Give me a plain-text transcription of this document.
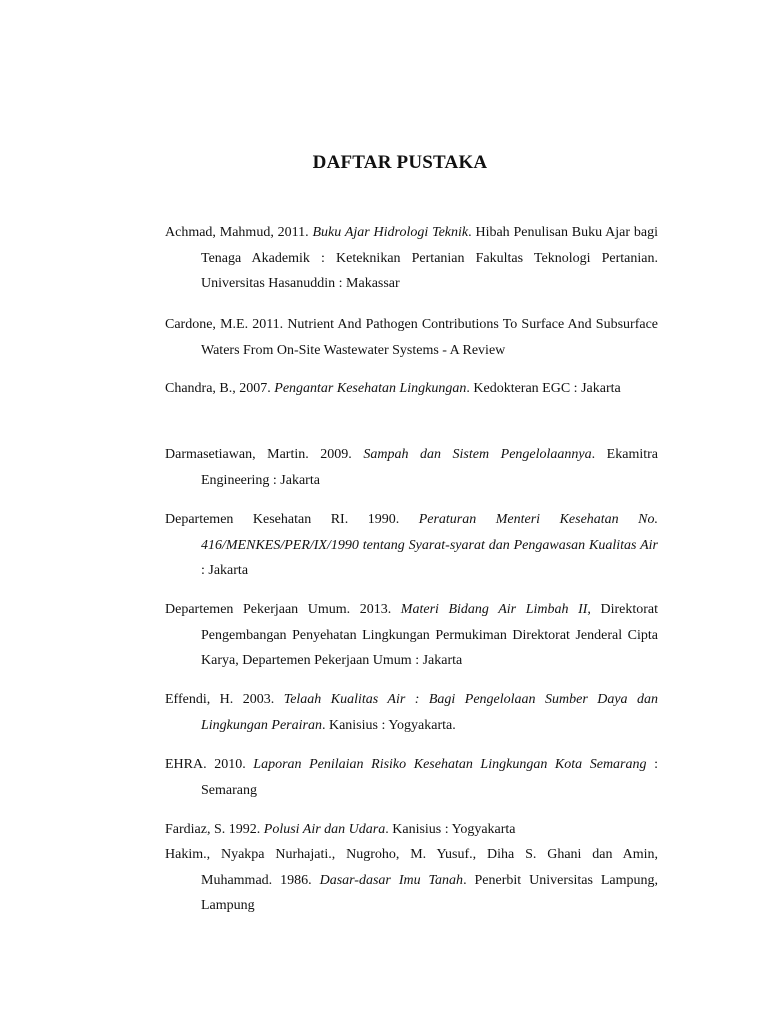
DAFTAR PUSTAKA

Achmad, Mahmud, 2011. Buku Ajar Hidrologi Teknik. Hibah Penulisan Buku Ajar bagi Tenaga Akademik : Keteknikan Pertanian Fakultas Teknologi Pertanian. Universitas Hasanuddin : Makassar

Cardone, M.E. 2011. Nutrient And Pathogen Contributions To Surface And Subsurface Waters From On-Site Wastewater Systems - A Review

Chandra, B., 2007. Pengantar Kesehatan Lingkungan. Kedokteran EGC : Jakarta

Darmasetiawan, Martin. 2009. Sampah dan Sistem Pengelolaannya. Ekamitra Engineering : Jakarta

Departemen Kesehatan RI. 1990. Peraturan Menteri Kesehatan No. 416/MENKES/PER/IX/1990 tentang Syarat-syarat dan Pengawasan Kualitas Air : Jakarta

Departemen Pekerjaan Umum. 2013. Materi Bidang Air Limbah II, Direktorat Pengembangan Penyehatan Lingkungan Permukiman Direktorat Jenderal Cipta Karya, Departemen Pekerjaan Umum : Jakarta

Effendi, H. 2003. Telaah Kualitas Air : Bagi Pengelolaan Sumber Daya dan Lingkungan Perairan. Kanisius : Yogyakarta.

EHRA. 2010. Laporan Penilaian Risiko Kesehatan Lingkungan Kota Semarang : Semarang

Fardiaz, S. 1992. Polusi Air dan Udara. Kanisius : Yogyakarta

Hakim., Nyakpa Nurhajati., Nugroho, M. Yusuf., Diha S. Ghani dan Amin, Muhammad. 1986. Dasar-dasar Imu Tanah. Penerbit Universitas Lampung, Lampung
